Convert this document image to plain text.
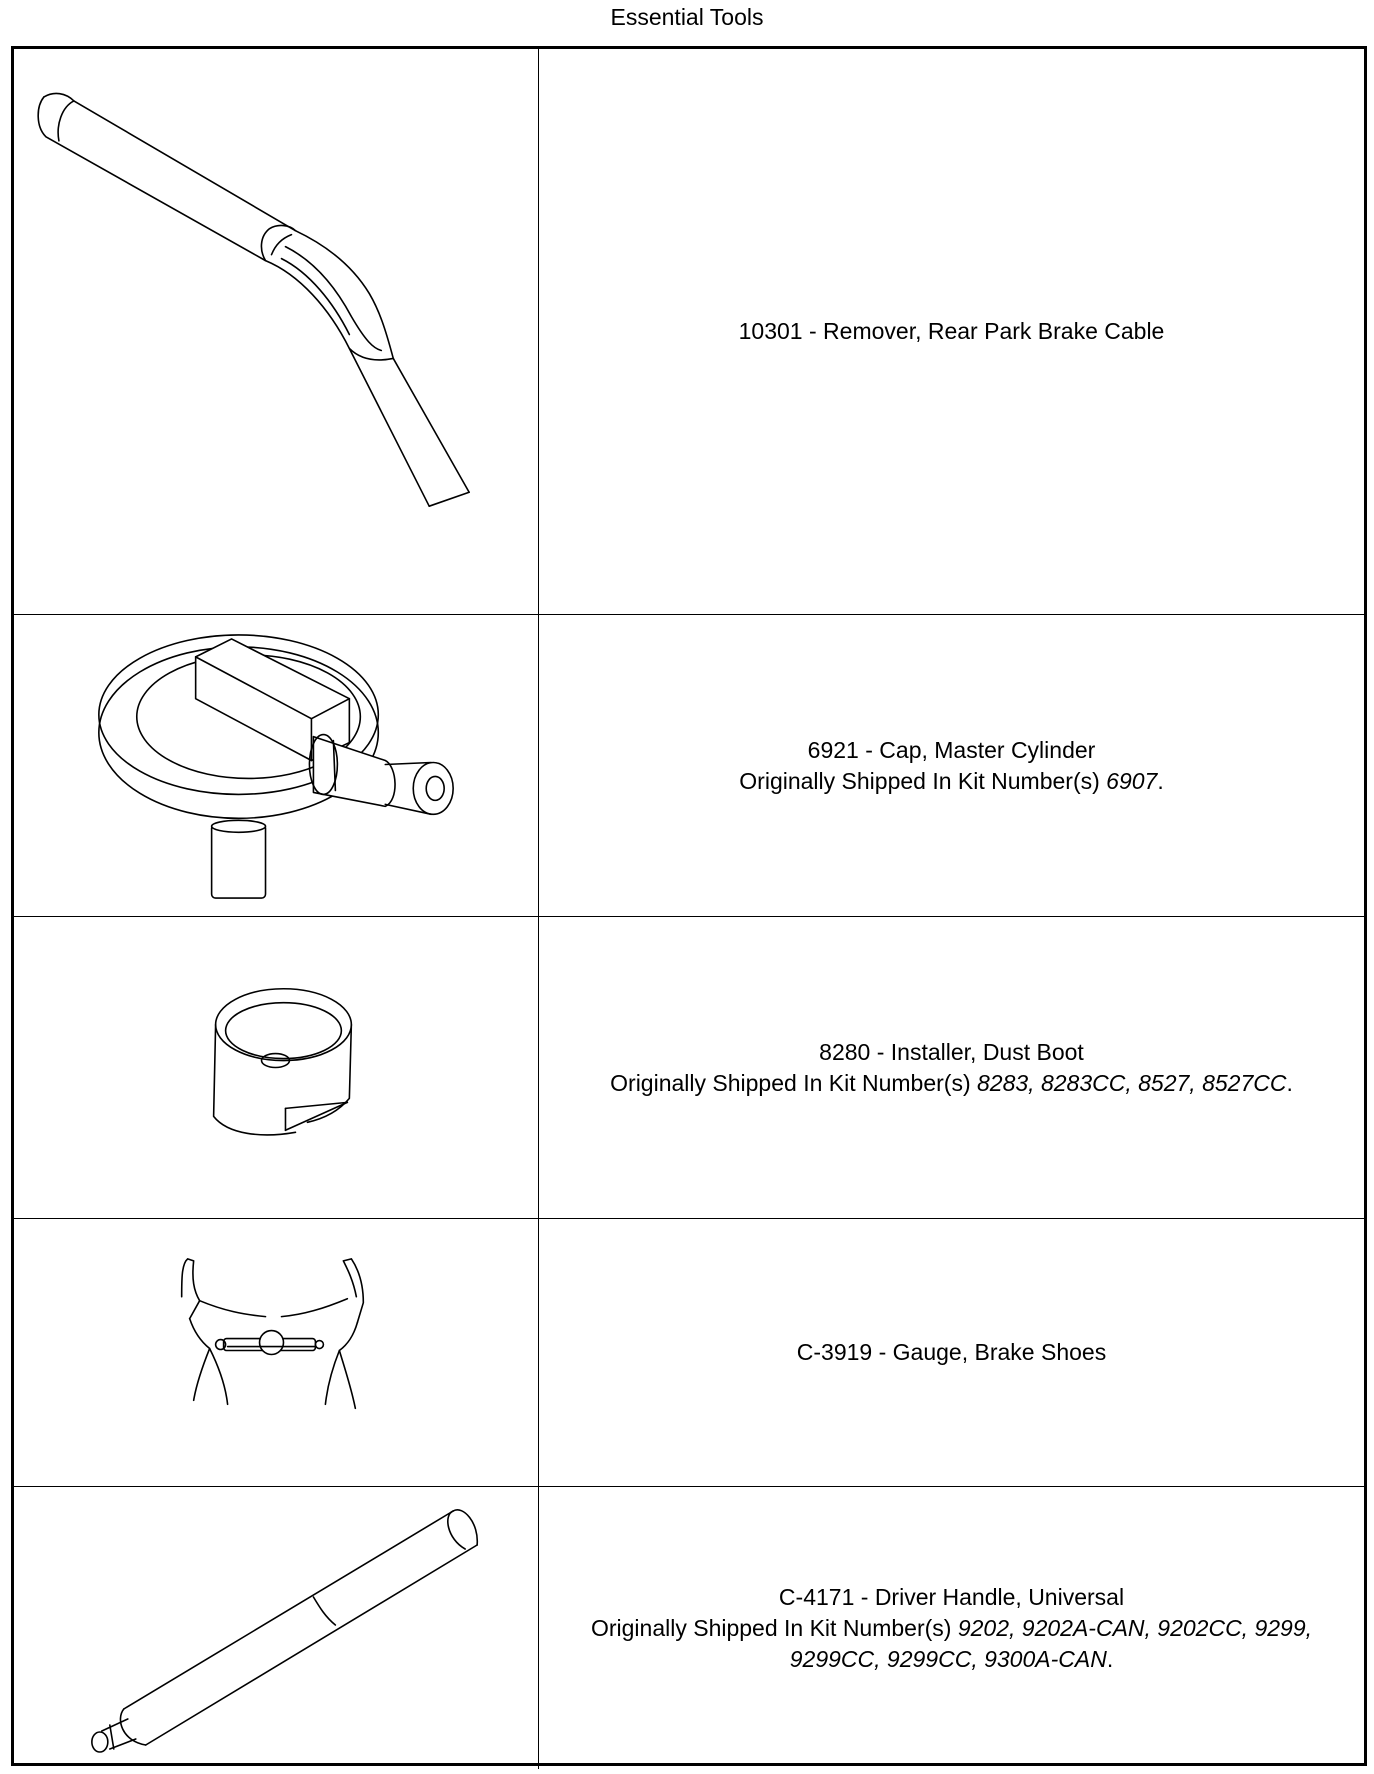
Essential Tools
10301 - Remover, Rear Park Brake Cable
6921 - Cap, Master Cylinder
Originally Shipped In Kit Number(s) 6907.
8280 - Installer, Dust Boot
Originally Shipped In Kit Number(s) 8283, 8283CC, 8527, 8527CC.
C-3919 - Gauge, Brake Shoes
C-4171 - Driver Handle, Universal
Originally Shipped In Kit Number(s) 9202, 9202A-CAN, 9202CC, 9299,
9299CC, 9299CC, 9300A-CAN.
